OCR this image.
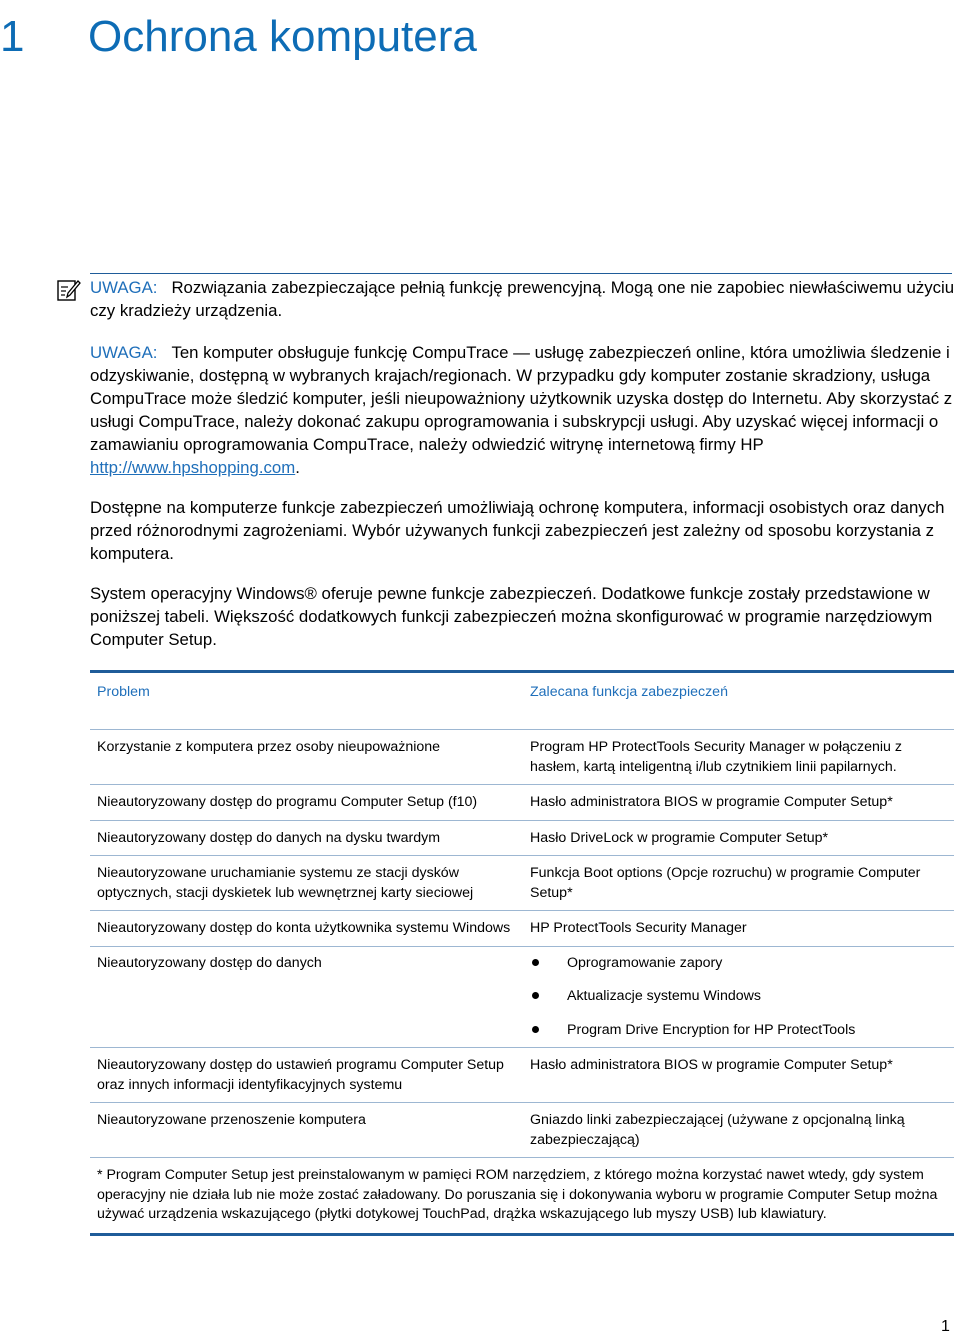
1 Ochrona komputera

UWAGA: Rozwiązania zabezpieczające pełnią funkcję prewencyjną. Mogą one nie zapobiec niewłaściwemu użyciu czy kradzieży urządzenia.

UWAGA: Ten komputer obsługuje funkcję CompuTrace — usługę zabezpieczeń online, która umożliwia śledzenie i odzyskiwanie, dostępną w wybranych krajach/regionach. W przypadku gdy komputer zostanie skradziony, usługa CompuTrace może śledzić komputer, jeśli nieupoważniony użytkownik uzyska dostęp do Internetu. Aby skorzystać z usługi CompuTrace, należy dokonać zakupu oprogramowania i subskrypcji usługi. Aby uzyskać więcej informacji o zamawianiu oprogramowania CompuTrace, należy odwiedzić witrynę internetową firmy HP http://www.hpshopping.com.

Dostępne na komputerze funkcje zabezpieczeń umożliwiają ochronę komputera, informacji osobistych oraz danych przed różnorodnymi zagrożeniami. Wybór używanych funkcji zabezpieczeń jest zależny od sposobu korzystania z komputera.

System operacyjny Windows® oferuje pewne funkcje zabezpieczeń. Dodatkowe funkcje zostały przedstawione w poniższej tabeli. Większość dodatkowych funkcji zabezpieczeń można skonfigurować w programie narzędziowym Computer Setup.

Problem	Zalecana funkcja zabezpieczeń
Korzystanie z komputera przez osoby nieupoważnione	Program HP ProtectTools Security Manager w połączeniu z hasłem, kartą inteligentną i/lub czytnikiem linii papilarnych.
Nieautoryzowany dostęp do programu Computer Setup (f10)	Hasło administratora BIOS w programie Computer Setup*
Nieautoryzowany dostęp do danych na dysku twardym	Hasło DriveLock w programie Computer Setup*
Nieautoryzowane uruchamianie systemu ze stacji dysków optycznych, stacji dyskietek lub wewnętrznej karty sieciowej	Funkcja Boot options (Opcje rozruchu) w programie Computer Setup*
Nieautoryzowany dostęp do konta użytkownika systemu Windows	HP ProtectTools Security Manager
Nieautoryzowany dostęp do danych	Oprogramowanie zapory
	Aktualizacje systemu Windows
	Program Drive Encryption for HP ProtectTools
Nieautoryzowany dostęp do ustawień programu Computer Setup oraz innych informacji identyfikacyjnych systemu	Hasło administratora BIOS w programie Computer Setup*
Nieautoryzowane przenoszenie komputera	Gniazdo linki zabezpieczającej (używane z opcjonalną linką zabezpieczającą)
* Program Computer Setup jest preinstalowanym w pamięci ROM narzędziem, z którego można korzystać nawet wtedy, gdy system operacyjny nie działa lub nie może zostać załadowany. Do poruszania się i dokonywania wyboru w programie Computer Setup można używać urządzenia wskazującego (płytki dotykowej TouchPad, drążka wskazującego lub myszy USB) lub klawiatury.	
1
